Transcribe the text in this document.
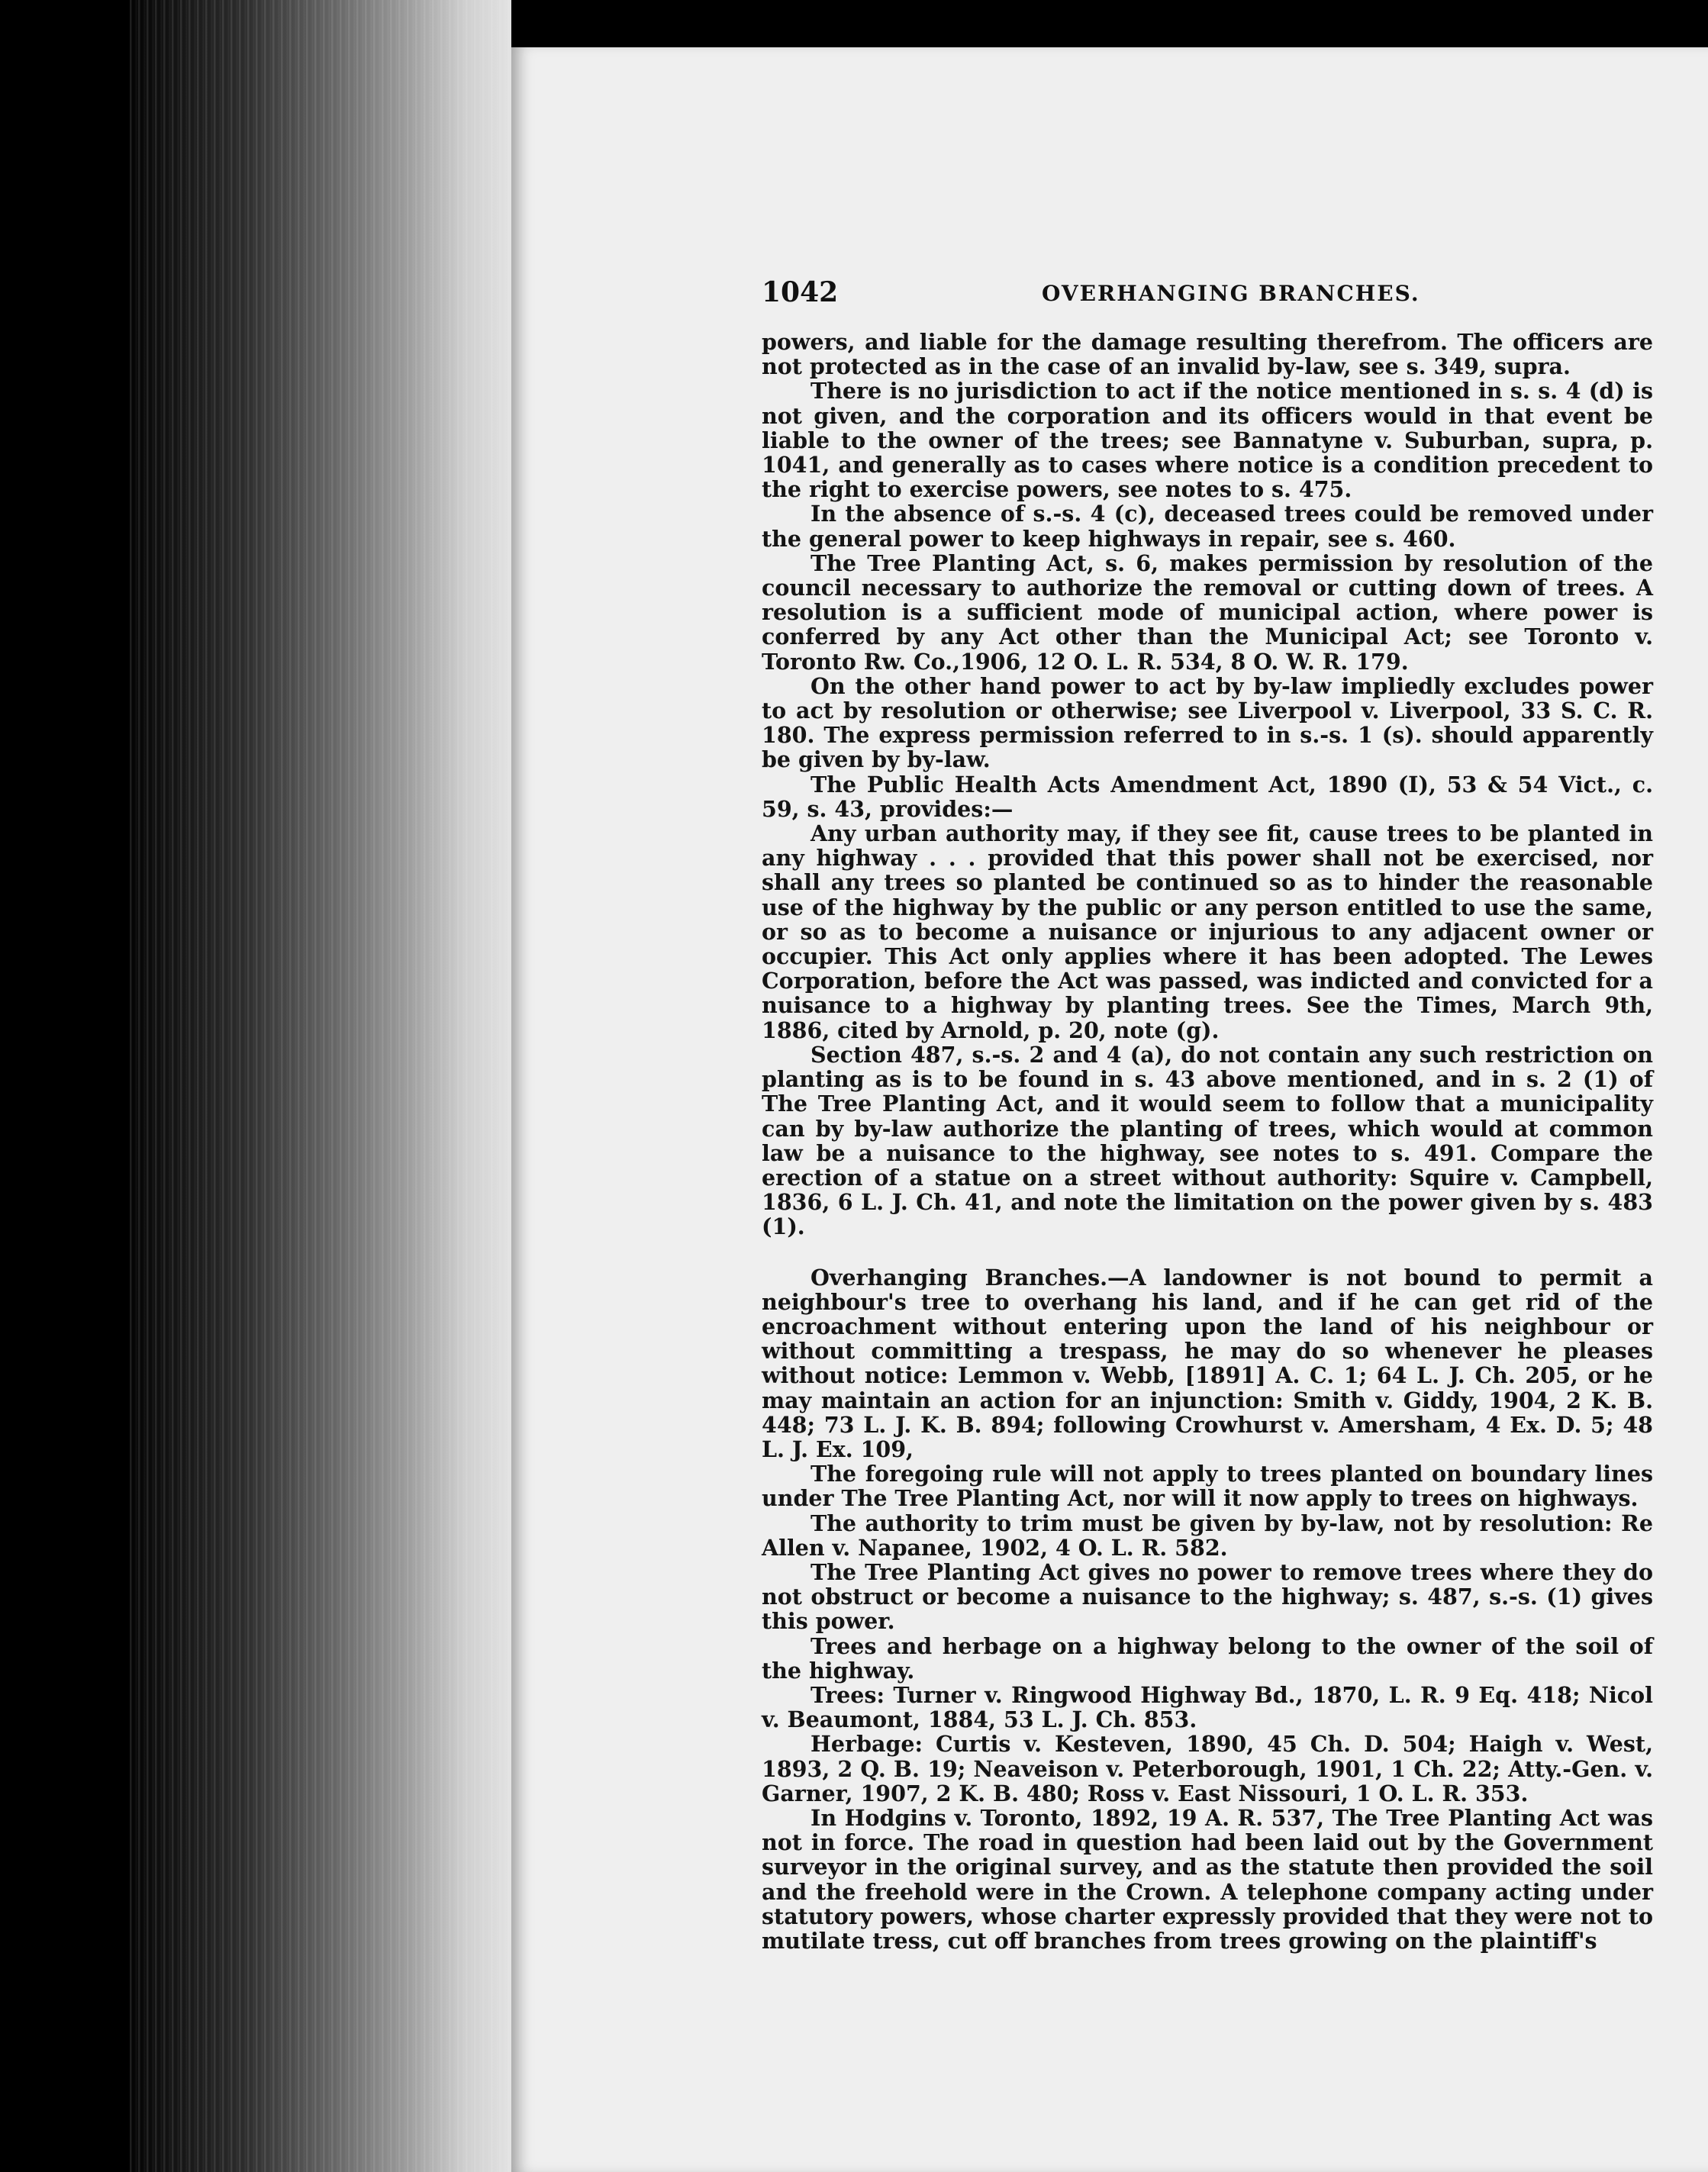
1042	OVERHANGING BRANCHES.

powers, and liable for the damage resulting therefrom. The officers are not protected as in the case of an invalid by-law, see s. 349, supra.

There is no jurisdiction to act if the notice mentioned in s. s. 4 (d) is not given, and the corporation and its officers would in that event be liable to the owner of the trees; see Bannatyne v. Suburban, supra, p. 1041, and generally as to cases where notice is a condition precedent to the right to exercise powers, see notes to s. 475.

In the absence of s.-s. 4 (c), deceased trees could be removed under the general power to keep highways in repair, see s. 460.

The Tree Planting Act, s. 6, makes permission by resolution of the council necessary to authorize the removal or cutting down of trees. A resolution is a sufficient mode of municipal action, where power is conferred by any Act other than the Municipal Act; see Toronto v. Toronto Rw. Co.,1906, 12 O. L. R. 534, 8 O. W. R. 179.

On the other hand power to act by by-law impliedly excludes power to act by resolution or otherwise; see Liverpool v. Liverpool, 33 S. C. R. 180. The express permission referred to in s.-s. 1 (s). should apparently be given by by-law.

The Public Health Acts Amendment Act, 1890 (I), 53 & 54 Vict., c. 59, s. 43, provides:—

Any urban authority may, if they see fit, cause trees to be planted in any highway . . . provided that this power shall not be exercised, nor shall any trees so planted be continued so as to hinder the reasonable use of the highway by the public or any person entitled to use the same, or so as to become a nuisance or injurious to any adjacent owner or occupier. This Act only applies where it has been adopted. The Lewes Corporation, before the Act was passed, was indicted and convicted for a nuisance to a highway by planting trees. See the Times, March 9th, 1886, cited by Arnold, p. 20, note (g).

Section 487, s.-s. 2 and 4 (a), do not contain any such restriction on planting as is to be found in s. 43 above mentioned, and in s. 2 (1) of The Tree Planting Act, and it would seem to follow that a municipality can by by-law authorize the planting of trees, which would at common law be a nuisance to the highway, see notes to s. 491. Compare the erection of a statue on a street without authority: Squire v. Campbell, 1836, 6 L. J. Ch. 41, and note the limitation on the power given by s. 483 (1).

Overhanging Branches.—A landowner is not bound to permit a neighbour's tree to overhang his land, and if he can get rid of the encroachment without entering upon the land of his neighbour or without committing a trespass, he may do so whenever he pleases without notice: Lemmon v. Webb, [1891] A. C. 1; 64 L. J. Ch. 205, or he may maintain an action for an injunction: Smith v. Giddy, 1904, 2 K. B. 448; 73 L. J. K. B. 894; following Crowhurst v. Amersham, 4 Ex. D. 5; 48 L. J. Ex. 109,

The foregoing rule will not apply to trees planted on boundary lines under The Tree Planting Act, nor will it now apply to trees on highways.

The authority to trim must be given by by-law, not by resolution: Re Allen v. Napanee, 1902, 4 O. L. R. 582.

The Tree Planting Act gives no power to remove trees where they do not obstruct or become a nuisance to the highway; s. 487, s.-s. (1) gives this power.

Trees and herbage on a highway belong to the owner of the soil of the highway.

Trees: Turner v. Ringwood Highway Bd., 1870, L. R. 9 Eq. 418; Nicol v. Beaumont, 1884, 53 L. J. Ch. 853.

Herbage: Curtis v. Kesteven, 1890, 45 Ch. D. 504; Haigh v. West, 1893, 2 Q. B. 19; Neaveison v. Peterborough, 1901, 1 Ch. 22; Atty.-Gen. v. Garner, 1907, 2 K. B. 480; Ross v. East Nissouri, 1 O. L. R. 353.

In Hodgins v. Toronto, 1892, 19 A. R. 537, The Tree Planting Act was not in force. The road in question had been laid out by the Government surveyor in the original survey, and as the statute then provided the soil and the freehold were in the Crown. A telephone company acting under statutory powers, whose charter expressly provided that they were not to mutilate tress, cut off branches from trees growing on the plaintiff's
